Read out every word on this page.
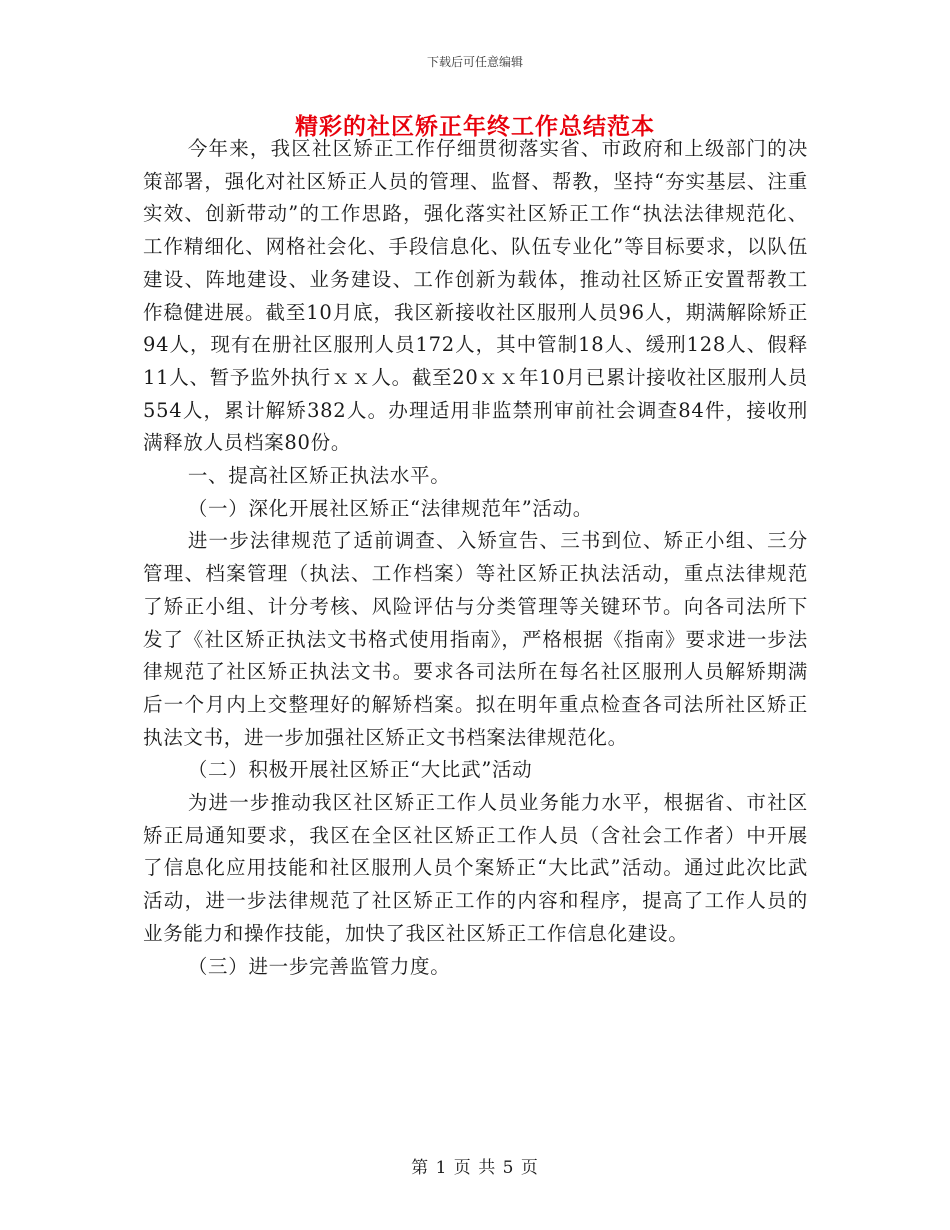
下载后可任意编辑
精彩的社区矫正年终工作总结范本

今年来，我区社区矫正工作仔细贯彻落实省、市政府和上级部门的决策部署，强化对社区矫正人员的管理、监督、帮教，坚持“夯实基层、注重实效、创新带动”的工作思路，强化落实社区矫正工作“执法法律规范化、工作精细化、网格社会化、手段信息化、队伍专业化”等目标要求，以队伍建设、阵地建设、业务建设、工作创新为载体，推动社区矫正安置帮教工作稳健进展。截至10月底，我区新接收社区服刑人员96人，期满解除矫正94人，现有在册社区服刑人员172人，其中管制18人、缓刑128人、假释11人、暂予监外执行ｘｘ人。截至20ｘｘ年10月已累计接收社区服刑人员554人，累计解矫382人。办理适用非监禁刑审前社会调查84件，接收刑满释放人员档案80份。

一、提高社区矫正执法水平。

（一）深化开展社区矫正“法律规范年”活动。

进一步法律规范了适前调查、入矫宣告、三书到位、矫正小组、三分管理、档案管理（执法、工作档案）等社区矫正执法活动，重点法律规范了矫正小组、计分考核、风险评估与分类管理等关键环节。向各司法所下发了《社区矫正执法文书格式使用指南》，严格根据《指南》要求进一步法律规范了社区矫正执法文书。要求各司法所在每名社区服刑人员解矫期满后一个月内上交整理好的解矫档案。拟在明年重点检查各司法所社区矫正执法文书，进一步加强社区矫正文书档案法律规范化。

（二）积极开展社区矫正“大比武”活动

为进一步推动我区社区矫正工作人员业务能力水平，根据省、市社区矫正局通知要求，我区在全区社区矫正工作人员（含社会工作者）中开展了信息化应用技能和社区服刑人员个案矫正“大比武”活动。通过此次比武活动，进一步法律规范了社区矫正工作的内容和程序，提高了工作人员的业务能力和操作技能，加快了我区社区矫正工作信息化建设。

（三）进一步完善监管力度。

第 1 页 共 5 页
